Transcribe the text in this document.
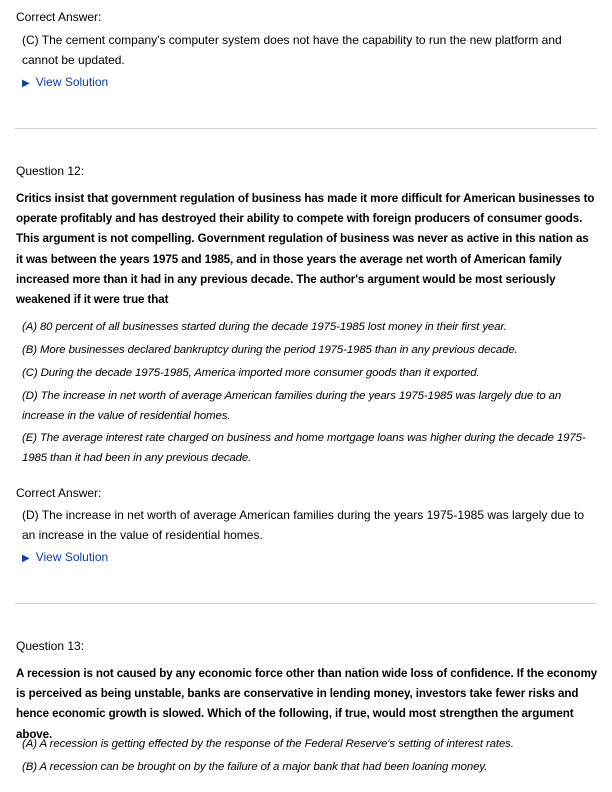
Correct Answer:
(C) The cement company's computer system does not have the capability to run the new platform and cannot be updated.
▶ View Solution
Question 12:
Critics insist that government regulation of business has made it more difficult for American businesses to operate profitably and has destroyed their ability to compete with foreign producers of consumer goods. This argument is not compelling. Government regulation of business was never as active in this nation as it was between the years 1975 and 1985, and in those years the average net worth of American family increased more than it had in any previous decade. The author's argument would be most seriously weakened if it were true that
(A) 80 percent of all businesses started during the decade 1975-1985 lost money in their first year.
(B) More businesses declared bankruptcy during the period 1975-1985 than in any previous decade.
(C) During the decade 1975-1985, America imported more consumer goods than it exported.
(D) The increase in net worth of average American families during the years 1975-1985 was largely due to an increase in the value of residential homes.
(E) The average interest rate charged on business and home mortgage loans was higher during the decade 1975-1985 than it had been in any previous decade.
Correct Answer:
(D) The increase in net worth of average American families during the years 1975-1985 was largely due to an increase in the value of residential homes.
▶ View Solution
Question 13:
A recession is not caused by any economic force other than nation wide loss of confidence. If the economy is perceived as being unstable, banks are conservative in lending money, investors take fewer risks and hence economic growth is slowed. Which of the following, if true, would most strengthen the argument above.
(A) A recession is getting effected by the response of the Federal Reserve's setting of interest rates.
(B) A recession can be brought on by the failure of a major bank that had been loaning money.
